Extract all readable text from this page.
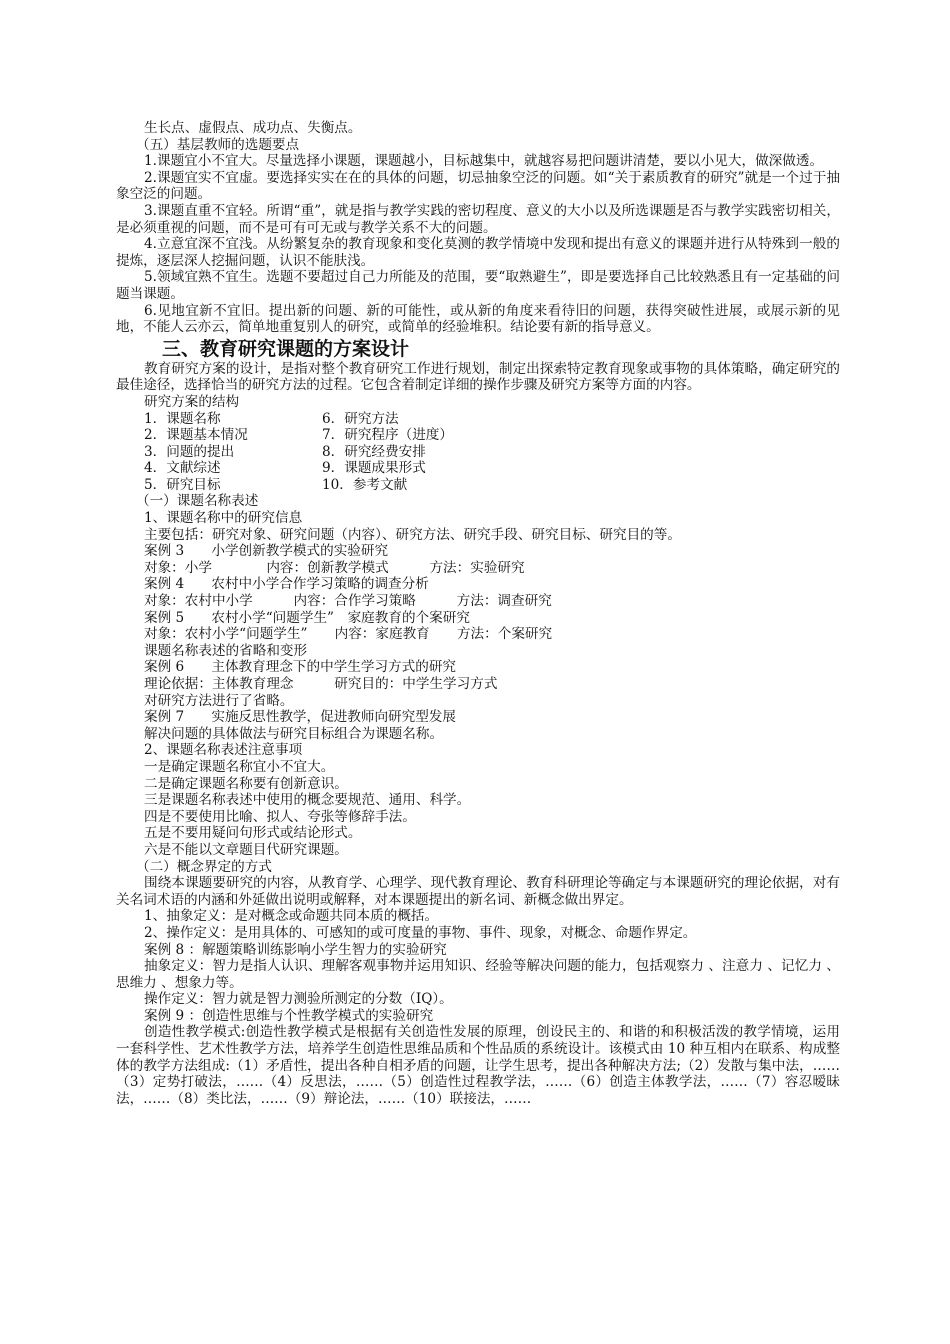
生长点、虚假点、成功点、失衡点。

（五）基层教师的选题要点

1.课题宜小不宜大。尽量选择小课题，课题越小，目标越集中，就越容易把问题讲清楚，要以小见大，做深做透。

2.课题宜实不宜虚。要选择实实在在的具体的问题，切忌抽象空泛的问题。如“关于素质教育的研究”就是一个过于抽象空泛的问题。

3.课题直重不宜轻。所谓“重”，就是指与教学实践的密切程度、意义的大小以及所选课题是否与教学实践密切相关，是必须重视的问题，而不是可有可无或与教学关系不大的问题。

4.立意宜深不宜浅。从纷繁复杂的教育现象和变化莫测的教学情境中发现和提出有意义的课题并进行从特殊到一般的提炼，逐层深人挖掘问题，认识不能肤浅。

5.领域宜熟不宜生。选题不要超过自己力所能及的范围，要“取熟避生”，即是要选择自己比较熟悉且有一定基础的问题当课题。

6.见地宜新不宜旧。提出新的问题、新的可能性，或从新的角度来看待旧的问题，获得突破性进展，或展示新的见地，不能人云亦云，简单地重复别人的研究，或简单的经验堆积。结论要有新的指导意义。

三、教育研究课题的方案设计

教育研究方案的设计，是指对整个教育研究工作进行规划，制定出探索特定教育现象或事物的具体策略，确定研究的最佳途径，选择恰当的研究方法的过程。它包含着制定详细的操作步骤及研究方案等方面的内容。

研究方案的结构

1．课题名称	6．研究方法
2．课题基本情况	7．研究程序（进度）
3．问题的提出	8．研究经费安排
4．文献综述	9．课题成果形式
5．研究目标	10．参考文献

（一）课题名称表述

1、课题名称中的研究信息

主要包括：研究对象、研究问题（内容）、研究方法、研究手段、研究目标、研究目的等。

案例 3　　小学创新教学模式的实验研究

对象：小学　　　　内容：创新教学模式　　　方法：实验研究

案例 4　　农村中小学合作学习策略的调查分析

对象：农村中小学　　　内容：合作学习策略　　　方法：调查研究

案例 5　　农村小学“问题学生”　家庭教育的个案研究

对象：农村小学“问题学生”　　内容：家庭教育　　方法：个案研究

课题名称表述的省略和变形

案例 6　　主体教育理念下的中学生学习方式的研究

理论依据：主体教育理念　　　研究目的：中学生学习方式

对研究方法进行了省略。

案例 7　　实施反思性教学，促进教师向研究型发展

解决问题的具体做法与研究目标组合为课题名称。

2、课题名称表述注意事项

一是确定课题名称宜小不宜大。

二是确定课题名称要有创新意识。

三是课题名称表述中使用的概念要规范、通用、科学。

四是不要使用比喻、拟人、夸张等修辞手法。

五是不要用疑问句形式或结论形式。

六是不能以文章题目代研究课题。

（二）概念界定的方式

围绕本课题要研究的内容，从教育学、心理学、现代教育理论、教育科研理论等确定与本课题研究的理论依据，对有关名词术语的内涵和外延做出说明或解释，对本课题提出的新名词、新概念做出界定。

1、抽象定义：是对概念或命题共同本质的概括。

2、操作定义：是用具体的、可感知的或可度量的事物、事件、现象，对概念、命题作界定。

案例 8 ：解题策略训练影响小学生智力的实验研究

抽象定义：智力是指人认识、理解客观事物并运用知识、经验等解决问题的能力，包括观察力 、注意力 、记忆力 、思维力 、想象力等。

操作定义：智力就是智力测验所测定的分数（IQ）。

案例 9 ：创造性思维与个性教学模式的实验研究

创造性教学模式:创造性教学模式是根据有关创造性发展的原理，创设民主的、和谐的和积极活泼的教学情境，运用一套科学性、艺术性教学方法，培养学生创造性思维品质和个性品质的系统设计。该模式由 10 种互相内在联系、构成整体的教学方法组成:（1）矛盾性，提出各种自相矛盾的问题，让学生思考，提出各种解决方法;（2）发散与集中法，……（3）定势打破法，……（4）反思法，……（5）创造性过程教学法，……（6）创造主体教学法，……（7）容忍暧昧法，……（8）类比法，……（9）辩论法，……（10）联接法，……
